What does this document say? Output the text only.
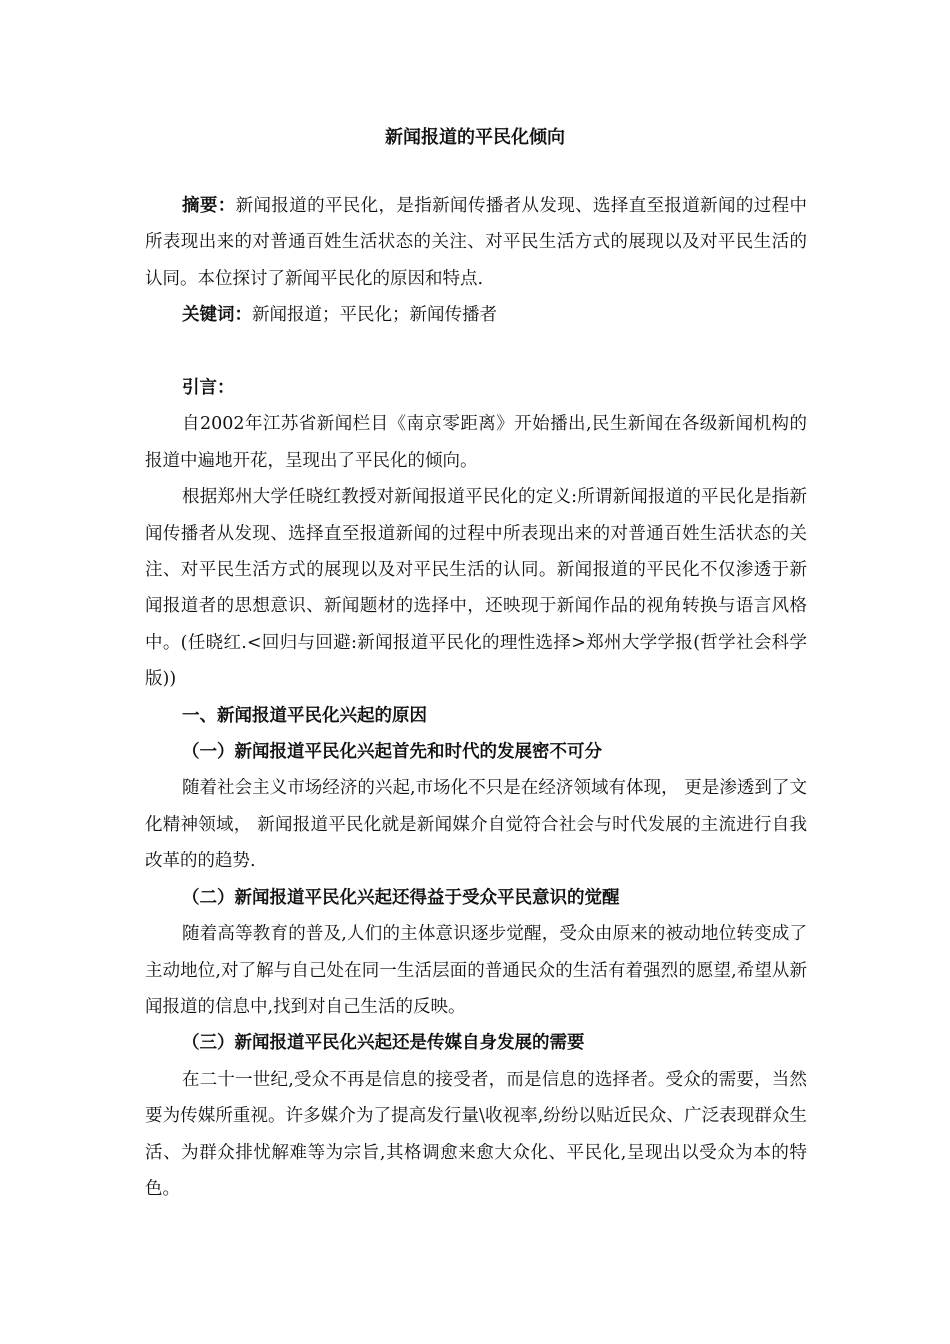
新闻报道的平民化倾向

摘要：新闻报道的平民化，是指新闻传播者从发现、选择直至报道新闻的过程中所表现出来的对普通百姓生活状态的关注、对平民生活方式的展现以及对平民生活的认同。本位探讨了新闻平民化的原因和特点.

关键词：新闻报道；平民化；新闻传播者

引言：

自2002年江苏省新闻栏目《南京零距离》开始播出,民生新闻在各级新闻机构的报道中遍地开花，呈现出了平民化的倾向。

根据郑州大学任晓红教授对新闻报道平民化的定义:所谓新闻报道的平民化是指新闻传播者从发现、选择直至报道新闻的过程中所表现出来的对普通百姓生活状态的关注、对平民生活方式的展现以及对平民生活的认同。新闻报道的平民化不仅渗透于新闻报道者的思想意识、新闻题材的选择中，还映现于新闻作品的视角转换与语言风格中。(任晓红.<回归与回避:新闻报道平民化的理性选择>郑州大学学报(哲学社会科学版))

一、新闻报道平民化兴起的原因

（一）新闻报道平民化兴起首先和时代的发展密不可分

随着社会主义市场经济的兴起,市场化不只是在经济领域有体现， 更是渗透到了文化精神领域， 新闻报道平民化就是新闻媒介自觉符合社会与时代发展的主流进行自我改革的的趋势.

（二）新闻报道平民化兴起还得益于受众平民意识的觉醒

随着高等教育的普及,人们的主体意识逐步觉醒，受众由原来的被动地位转变成了主动地位,对了解与自己处在同一生活层面的普通民众的生活有着强烈的愿望,希望从新闻报道的信息中,找到对自己生活的反映。

（三）新闻报道平民化兴起还是传媒自身发展的需要

在二十一世纪,受众不再是信息的接受者，而是信息的选择者。受众的需要，当然要为传媒所重视。许多媒介为了提高发行量\收视率,纷纷以贴近民众、广泛表现群众生活、为群众排忧解难等为宗旨,其格调愈来愈大众化、平民化,呈现出以受众为本的特色。
